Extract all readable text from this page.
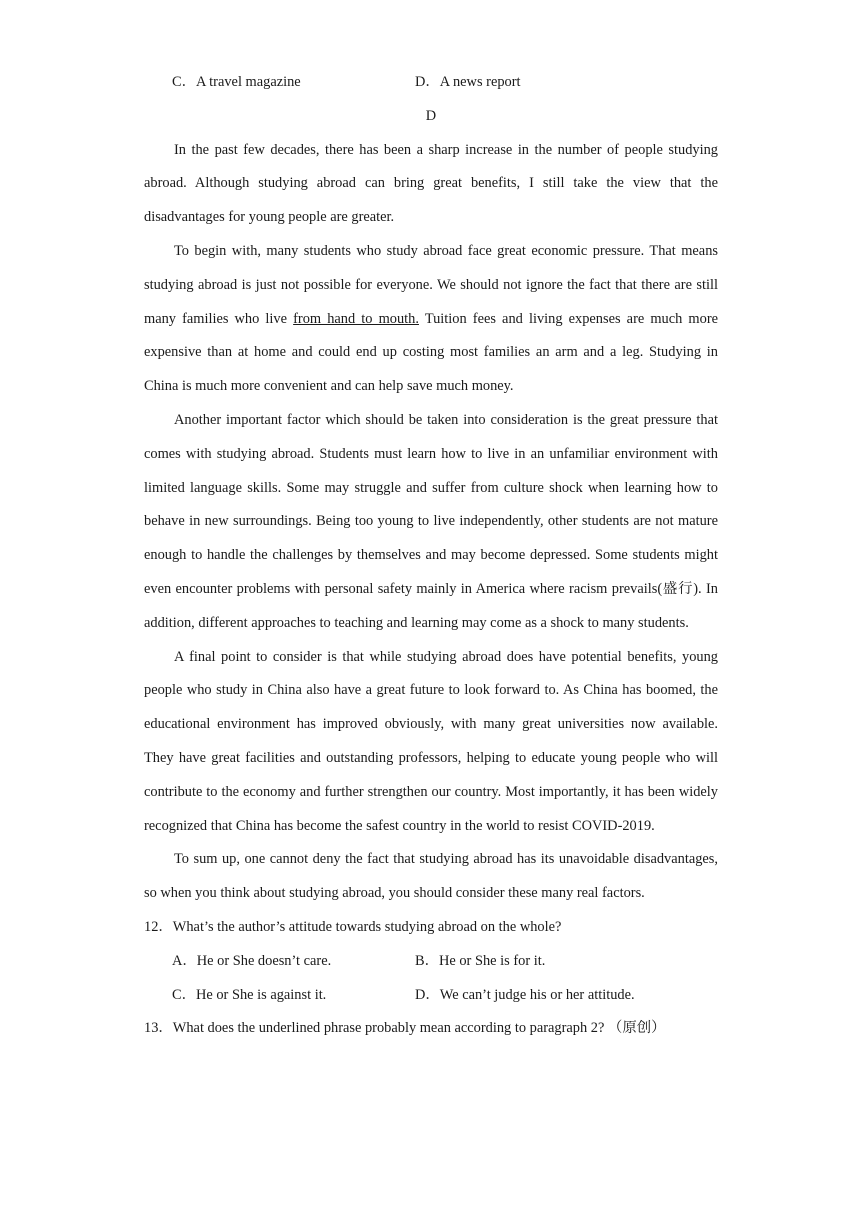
C．A travel magazine	D．A news report
D

In the past few decades, there has been a sharp increase in the number of people studying abroad. Although studying abroad can bring great benefits, I still take the view that the disadvantages for young people are greater.

To begin with, many students who study abroad face great economic pressure. That means studying abroad is just not possible for everyone. We should not ignore the fact that there are still many families who live from hand to mouth. Tuition fees and living expenses are much more expensive than at home and could end up costing most families an arm and a leg. Studying in China is much more convenient and can help save much money.

Another important factor which should be taken into consideration is the great pressure that comes with studying abroad. Students must learn how to live in an unfamiliar environment with limited language skills. Some may struggle and suffer from culture shock when learning how to behave in new surroundings. Being too young to live independently, other students are not mature enough to handle the challenges by themselves and may become depressed. Some students might even encounter problems with personal safety mainly in America where racism prevails(盛行). In addition, different approaches to teaching and learning may come as a shock to many students.

A final point to consider is that while studying abroad does have potential benefits, young people who study in China also have a great future to look forward to. As China has boomed, the educational environment has improved obviously, with many great universities now available. They have great facilities and outstanding professors, helping to educate young people who will contribute to the economy and further strengthen our country. Most importantly, it has been widely recognized that China has become the safest country in the world to resist COVID-2019.

To sum up, one cannot deny the fact that studying abroad has its unavoidable disadvantages, so when you think about studying abroad, you should consider these many real factors.

12．What’s the author’s attitude towards studying abroad on the whole?
A．He or She doesn’t care.	B．He or She is for it.
C．He or She is against it.	D．We can’t judge his or her attitude.
13．What does the underlined phrase probably mean according to paragraph 2? （原创）
